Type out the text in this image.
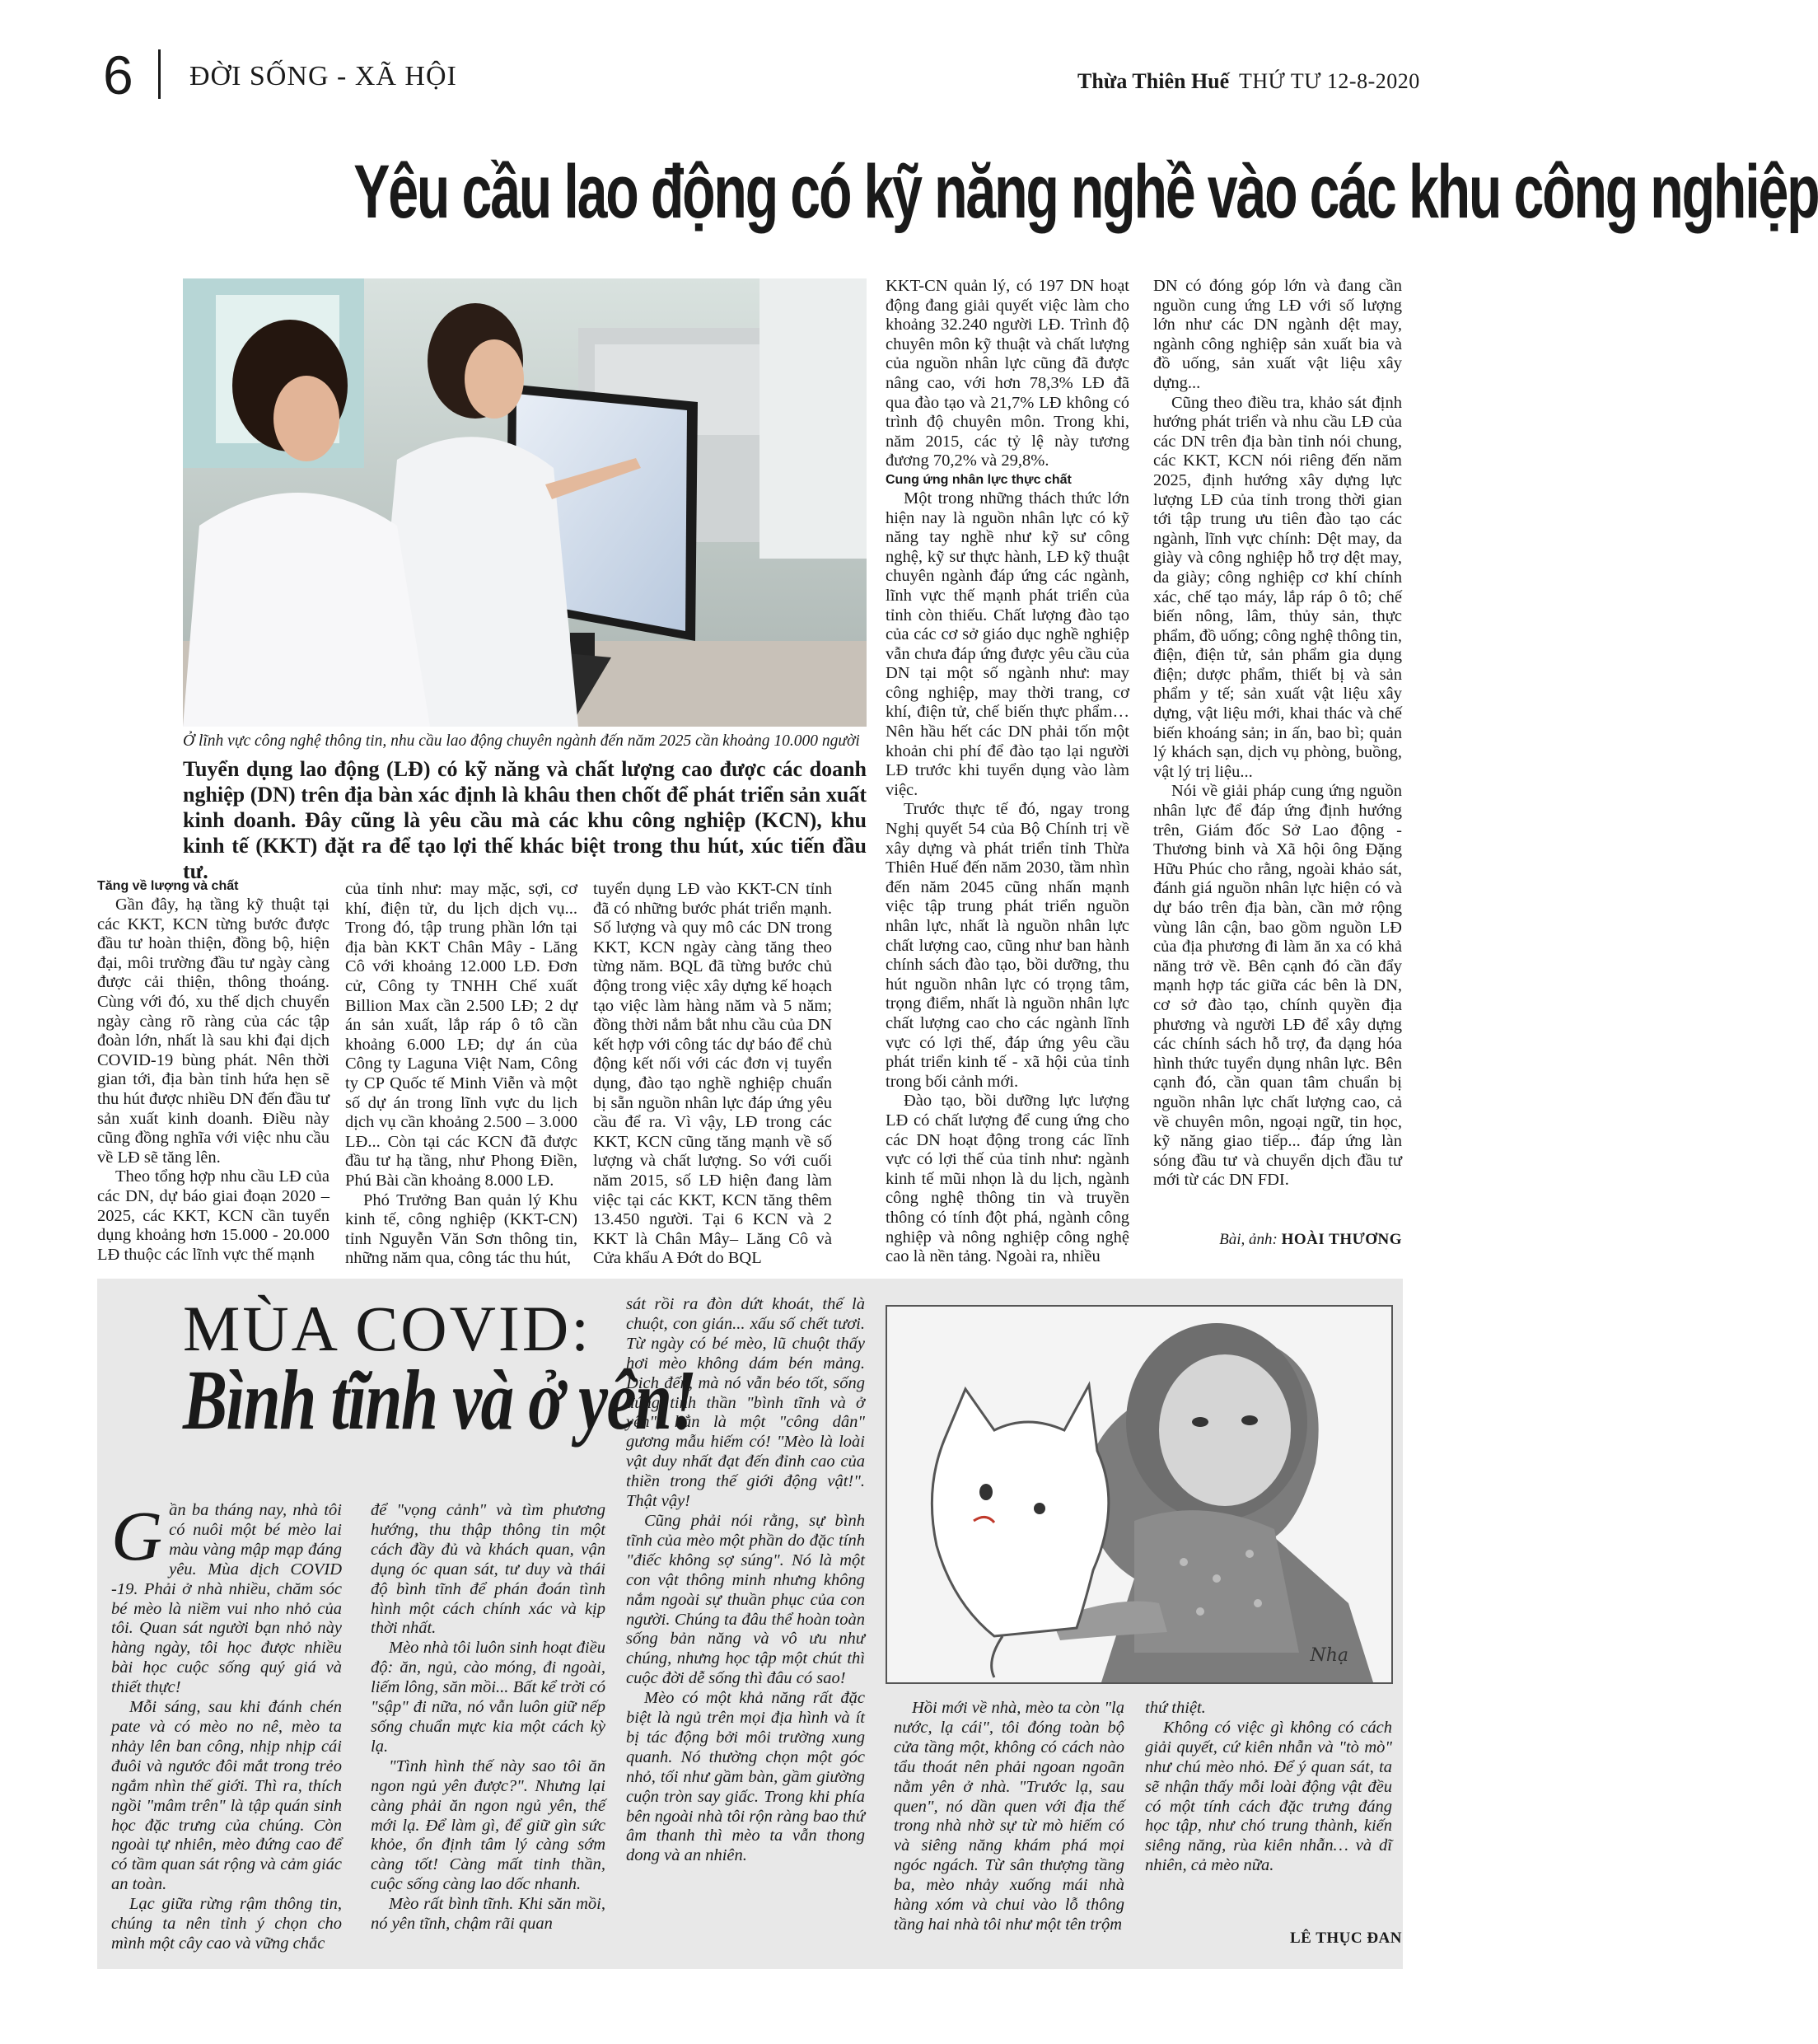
6 ĐỜI SỐNG - XÃ HỘI	Thừa Thiên Huế THỨ TƯ 12-8-2020
Yêu cầu lao động có kỹ năng nghề vào các khu công nghiệp
Ở lĩnh vực công nghệ thông tin, nhu cầu lao động chuyên ngành đến năm 2025 cần khoảng 10.000 người
Tuyển dụng lao động (LĐ) có kỹ năng và chất lượng cao được các doanh nghiệp (DN) trên địa bàn xác định là khâu then chốt để phát triển sản xuất kinh doanh. Đây cũng là yêu cầu mà các khu công nghiệp (KCN), khu kinh tế (KKT) đặt ra để tạo lợi thế khác biệt trong thu hút, xúc tiến đầu tư.

Tăng về lượng và chất

Gần đây, hạ tầng kỹ thuật tại các KKT, KCN từng bước được đầu tư hoàn thiện, đồng bộ, hiện đại, môi trường đầu tư ngày càng được cải thiện, thông thoáng. Cùng với đó, xu thế dịch chuyển ngày càng rõ ràng của các tập đoàn lớn, nhất là sau khi đại dịch COVID-19 bùng phát. Nên thời gian tới, địa bàn tỉnh hứa hẹn sẽ thu hút được nhiều DN đến đầu tư sản xuất kinh doanh. Điều này cũng đồng nghĩa với việc nhu cầu về LĐ sẽ tăng lên.

Theo tổng hợp nhu cầu LĐ của các DN, dự báo giai đoạn 2020 – 2025, các KKT, KCN cần tuyển dụng khoảng hơn 15.000 - 20.000 LĐ thuộc các lĩnh vực thế mạnh

của tỉnh như: may mặc, sợi, cơ khí, điện tử, du lịch dịch vụ... Trong đó, tập trung phần lớn tại địa bàn KKT Chân Mây - Lăng Cô với khoảng 12.000 LĐ. Đơn cử, Công ty TNHH Chế xuất Billion Max cần 2.500 LĐ; 2 dự án sản xuất, lắp ráp ô tô cần khoảng 6.000 LĐ; dự án của Công ty Laguna Việt Nam, Công ty CP Quốc tế Minh Viễn và một số dự án trong lĩnh vực du lịch dịch vụ cần khoảng 2.500 – 3.000 LĐ... Còn tại các KCN đã được đầu tư hạ tầng, như Phong Điền, Phú Bài cần khoảng 8.000 LĐ.

Phó Trưởng Ban quản lý Khu kinh tế, công nghiệp (KKT-CN) tỉnh Nguyễn Văn Sơn thông tin, những năm qua, công tác thu hút,

tuyển dụng LĐ vào KKT-CN tỉnh đã có những bước phát triển mạnh. Số lượng và quy mô các DN trong KKT, KCN ngày càng tăng theo từng năm. BQL đã từng bước chủ động trong việc xây dựng kế hoạch tạo việc làm hàng năm và 5 năm; đồng thời nắm bắt nhu cầu của DN kết hợp với công tác dự báo để chủ động kết nối với các đơn vị tuyển dụng, đào tạo nghề nghiệp chuẩn bị sẵn nguồn nhân lực đáp ứng yêu cầu để ra. Vì vậy, LĐ trong các KKT, KCN cũng tăng mạnh về số lượng và chất lượng. So với cuối năm 2015, số LĐ hiện đang làm việc tại các KKT, KCN tăng thêm 13.450 người. Tại 6 KCN và 2 KKT là Chân Mây– Lăng Cô và Cửa khẩu A Đớt do BQL

KKT-CN quản lý, có 197 DN hoạt động đang giải quyết việc làm cho khoảng 32.240 người LĐ. Trình độ chuyên môn kỹ thuật và chất lượng của nguồn nhân lực cũng đã được nâng cao, với hơn 78,3% LĐ đã qua đào tạo và 21,7% LĐ không có trình độ chuyên môn. Trong khi, năm 2015, các tỷ lệ này tương đương 70,2% và 29,8%.

Cung ứng nhân lực thực chất

Một trong những thách thức lớn hiện nay là nguồn nhân lực có kỹ năng tay nghề như kỹ sư công nghệ, kỹ sư thực hành, LĐ kỹ thuật chuyên ngành đáp ứng các ngành, lĩnh vực thế mạnh phát triển của tỉnh còn thiếu. Chất lượng đào tạo của các cơ sở giáo dục nghề nghiệp vẫn chưa đáp ứng được yêu cầu của DN tại một số ngành như: may công nghiệp, may thời trang, cơ khí, điện tử, chế biến thực phẩm… Nên hầu hết các DN phải tốn một khoản chi phí để đào tạo lại người LĐ trước khi tuyển dụng vào làm việc.

Trước thực tế đó, ngay trong Nghị quyết 54 của Bộ Chính trị về xây dựng và phát triển tỉnh Thừa Thiên Huế đến năm 2030, tầm nhìn đến năm 2045 cũng nhấn mạnh việc tập trung phát triển nguồn nhân lực, nhất là nguồn nhân lực chất lượng cao, cũng như ban hành chính sách đào tạo, bồi dưỡng, thu hút nguồn nhân lực có trọng tâm, trọng điểm, nhất là nguồn nhân lực chất lượng cao cho các ngành lĩnh vực có lợi thế, đáp ứng yêu cầu phát triển kinh tế - xã hội của tỉnh trong bối cảnh mới.

Đào tạo, bồi dưỡng lực lượng LĐ có chất lượng để cung ứng cho các DN hoạt động trong các lĩnh vực có lợi thế của tỉnh như: ngành kinh tế mũi nhọn là du lịch, ngành công nghệ thông tin và truyền thông có tính đột phá, ngành công nghiệp và nông nghiệp công nghệ cao là nền tảng. Ngoài ra, nhiều

DN có đóng góp lớn và đang cần nguồn cung ứng LĐ với số lượng lớn như các DN ngành dệt may, ngành công nghiệp sản xuất bia và đồ uống, sản xuất vật liệu xây dựng...

Cũng theo điều tra, khảo sát định hướng phát triển và nhu cầu LĐ của các DN trên địa bàn tỉnh nói chung, các KKT, KCN nói riêng đến năm 2025, định hướng xây dựng lực lượng LĐ của tỉnh trong thời gian tới tập trung ưu tiên đào tạo các ngành, lĩnh vực chính: Dệt may, da giày và công nghiệp hỗ trợ dệt may, da giày; công nghiệp cơ khí chính xác, chế tạo máy, lắp ráp ô tô; chế biến nông, lâm, thủy sản, thực phẩm, đồ uống; công nghệ thông tin, điện, điện tử, sản phẩm gia dụng điện; dược phẩm, thiết bị và sản phẩm y tế; sản xuất vật liệu xây dựng, vật liệu mới, khai thác và chế biến khoáng sản; in ấn, bao bì; quản lý khách sạn, dịch vụ phòng, buồng, vật lý trị liệu...

Nói về giải pháp cung ứng nguồn nhân lực để đáp ứng định hướng trên, Giám đốc Sở Lao động - Thương binh và Xã hội ông Đặng Hữu Phúc cho rằng, ngoài khảo sát, đánh giá nguồn nhân lực hiện có và dự báo trên địa bàn, cần mở rộng vùng lân cận, bao gồm nguồn LĐ của địa phương đi làm ăn xa có khả năng trở về. Bên cạnh đó cần đẩy mạnh hợp tác giữa các bên là DN, cơ sở đào tạo, chính quyền địa phương và người LĐ để xây dựng các chính sách hỗ trợ, đa dạng hóa hình thức tuyển dụng nhân lực. Bên cạnh đó, cần quan tâm chuẩn bị nguồn nhân lực chất lượng cao, cả về chuyên môn, ngoại ngữ, tin học, kỹ năng giao tiếp... đáp ứng làn sóng đầu tư và chuyển dịch đầu tư mới từ các DN FDI.

Bài, ảnh: HOÀI THƯƠNG
MÙA COVID:
Bình tĩnh và ở yên!

Gần ba tháng nay, nhà tôi có nuôi một bé mèo lai màu vàng mập mạp đáng yêu. Mùa dịch COVID -19. Phải ở nhà nhiều, chăm sóc bé mèo là niềm vui nho nhỏ của tôi. Quan sát người bạn nhỏ này hàng ngày, tôi học được nhiều bài học cuộc sống quý giá và thiết thực!

Mỗi sáng, sau khi đánh chén pate và có mèo no nê, mèo ta nhảy lên ban công, nhịp nhịp cái đuôi và ngước đôi mắt trong trẻo ngắm nhìn thế giới. Thì ra, thích ngồi "mâm trên" là tập quán sinh học đặc trưng của chúng. Còn ngoài tự nhiên, mèo đứng cao để có tầm quan sát rộng và cảm giác an toàn.

Lạc giữa rừng rậm thông tin, chúng ta nên tỉnh ý chọn cho mình một cây cao và vững chắc

để "vọng cảnh" và tìm phương hướng, thu thập thông tin một cách đầy đủ và khách quan, vận dụng óc quan sát, tư duy và thái độ bình tĩnh để phán đoán tình hình một cách chính xác và kịp thời nhất.

Mèo nhà tôi luôn sinh hoạt điều độ: ăn, ngủ, cào móng, đi ngoài, liếm lông, săn mồi... Bất kể trời có "sập" đi nữa, nó vẫn luôn giữ nếp sống chuẩn mực kia một cách kỳ lạ.

"Tình hình thế này sao tôi ăn ngon ngủ yên được?". Nhưng lại càng phải ăn ngon ngủ yên, thế mới lạ. Để làm gì, để giữ gìn sức khỏe, ổn định tâm lý càng sớm càng tốt! Càng mất tinh thần, cuộc sống càng lao dốc nhanh.

Mèo rất bình tĩnh. Khi săn mồi, nó yên tĩnh, chậm rãi quan

sát rồi ra đòn dứt khoát, thế là chuột, con gián... xấu số chết tươi. Từ ngày có bé mèo, lũ chuột thấy hơi mèo không dám bén mảng. Dịch đến, mà nó vẫn béo tốt, sống đúng tinh thần "bình tĩnh và ở yên", hẳn là một "công dân" gương mẫu hiếm có! "Mèo là loài vật duy nhất đạt đến đỉnh cao của thiền trong thế giới động vật!". Thật vậy!

Cũng phải nói rằng, sự bình tĩnh của mèo một phần do đặc tính "điếc không sợ súng". Nó là một con vật thông minh nhưng không nắm ngoài sự thuần phục của con người. Chúng ta đâu thể hoàn toàn sống bản năng và vô ưu như chúng, nhưng học tập một chút thì cuộc đời dễ sống thì đâu có sao!

Mèo có một khả năng rất đặc biệt là ngủ trên mọi địa hình và ít bị tác động bởi môi trường xung quanh. Nó thường chọn một góc nhỏ, tối như gầm bàn, gầm giường cuộn tròn say giấc. Trong khi phía bên ngoài nhà tôi rộn ràng bao thứ âm thanh thì mèo ta vẫn thong dong và an nhiên.

Nhạ

Hồi mới về nhà, mèo ta còn "lạ nước, lạ cái", tôi đóng toàn bộ cửa tầng một, không có cách nào tẩu thoát nên phải ngoan ngoãn nằm yên ở nhà. "Trước lạ, sau quen", nó dần quen với địa thế trong nhà nhờ sự từ mò hiếm có và siêng năng khám phá mọi ngóc ngách. Từ sân thượng tầng ba, mèo nhảy xuống mái nhà hàng xóm và chui vào lỗ thông tầng hai nhà tôi như một tên trộm

thứ thiệt.

Không có việc gì không có cách giải quyết, cứ kiên nhẫn và "tò mò" như chú mèo nhỏ. Để ý quan sát, ta sẽ nhận thấy mỗi loài động vật đều có một tính cách đặc trưng đáng học tập, như chó trung thành, kiến siêng năng, rùa kiên nhẫn… và dĩ nhiên, cả mèo nữa.

LÊ THỤC ĐAN
